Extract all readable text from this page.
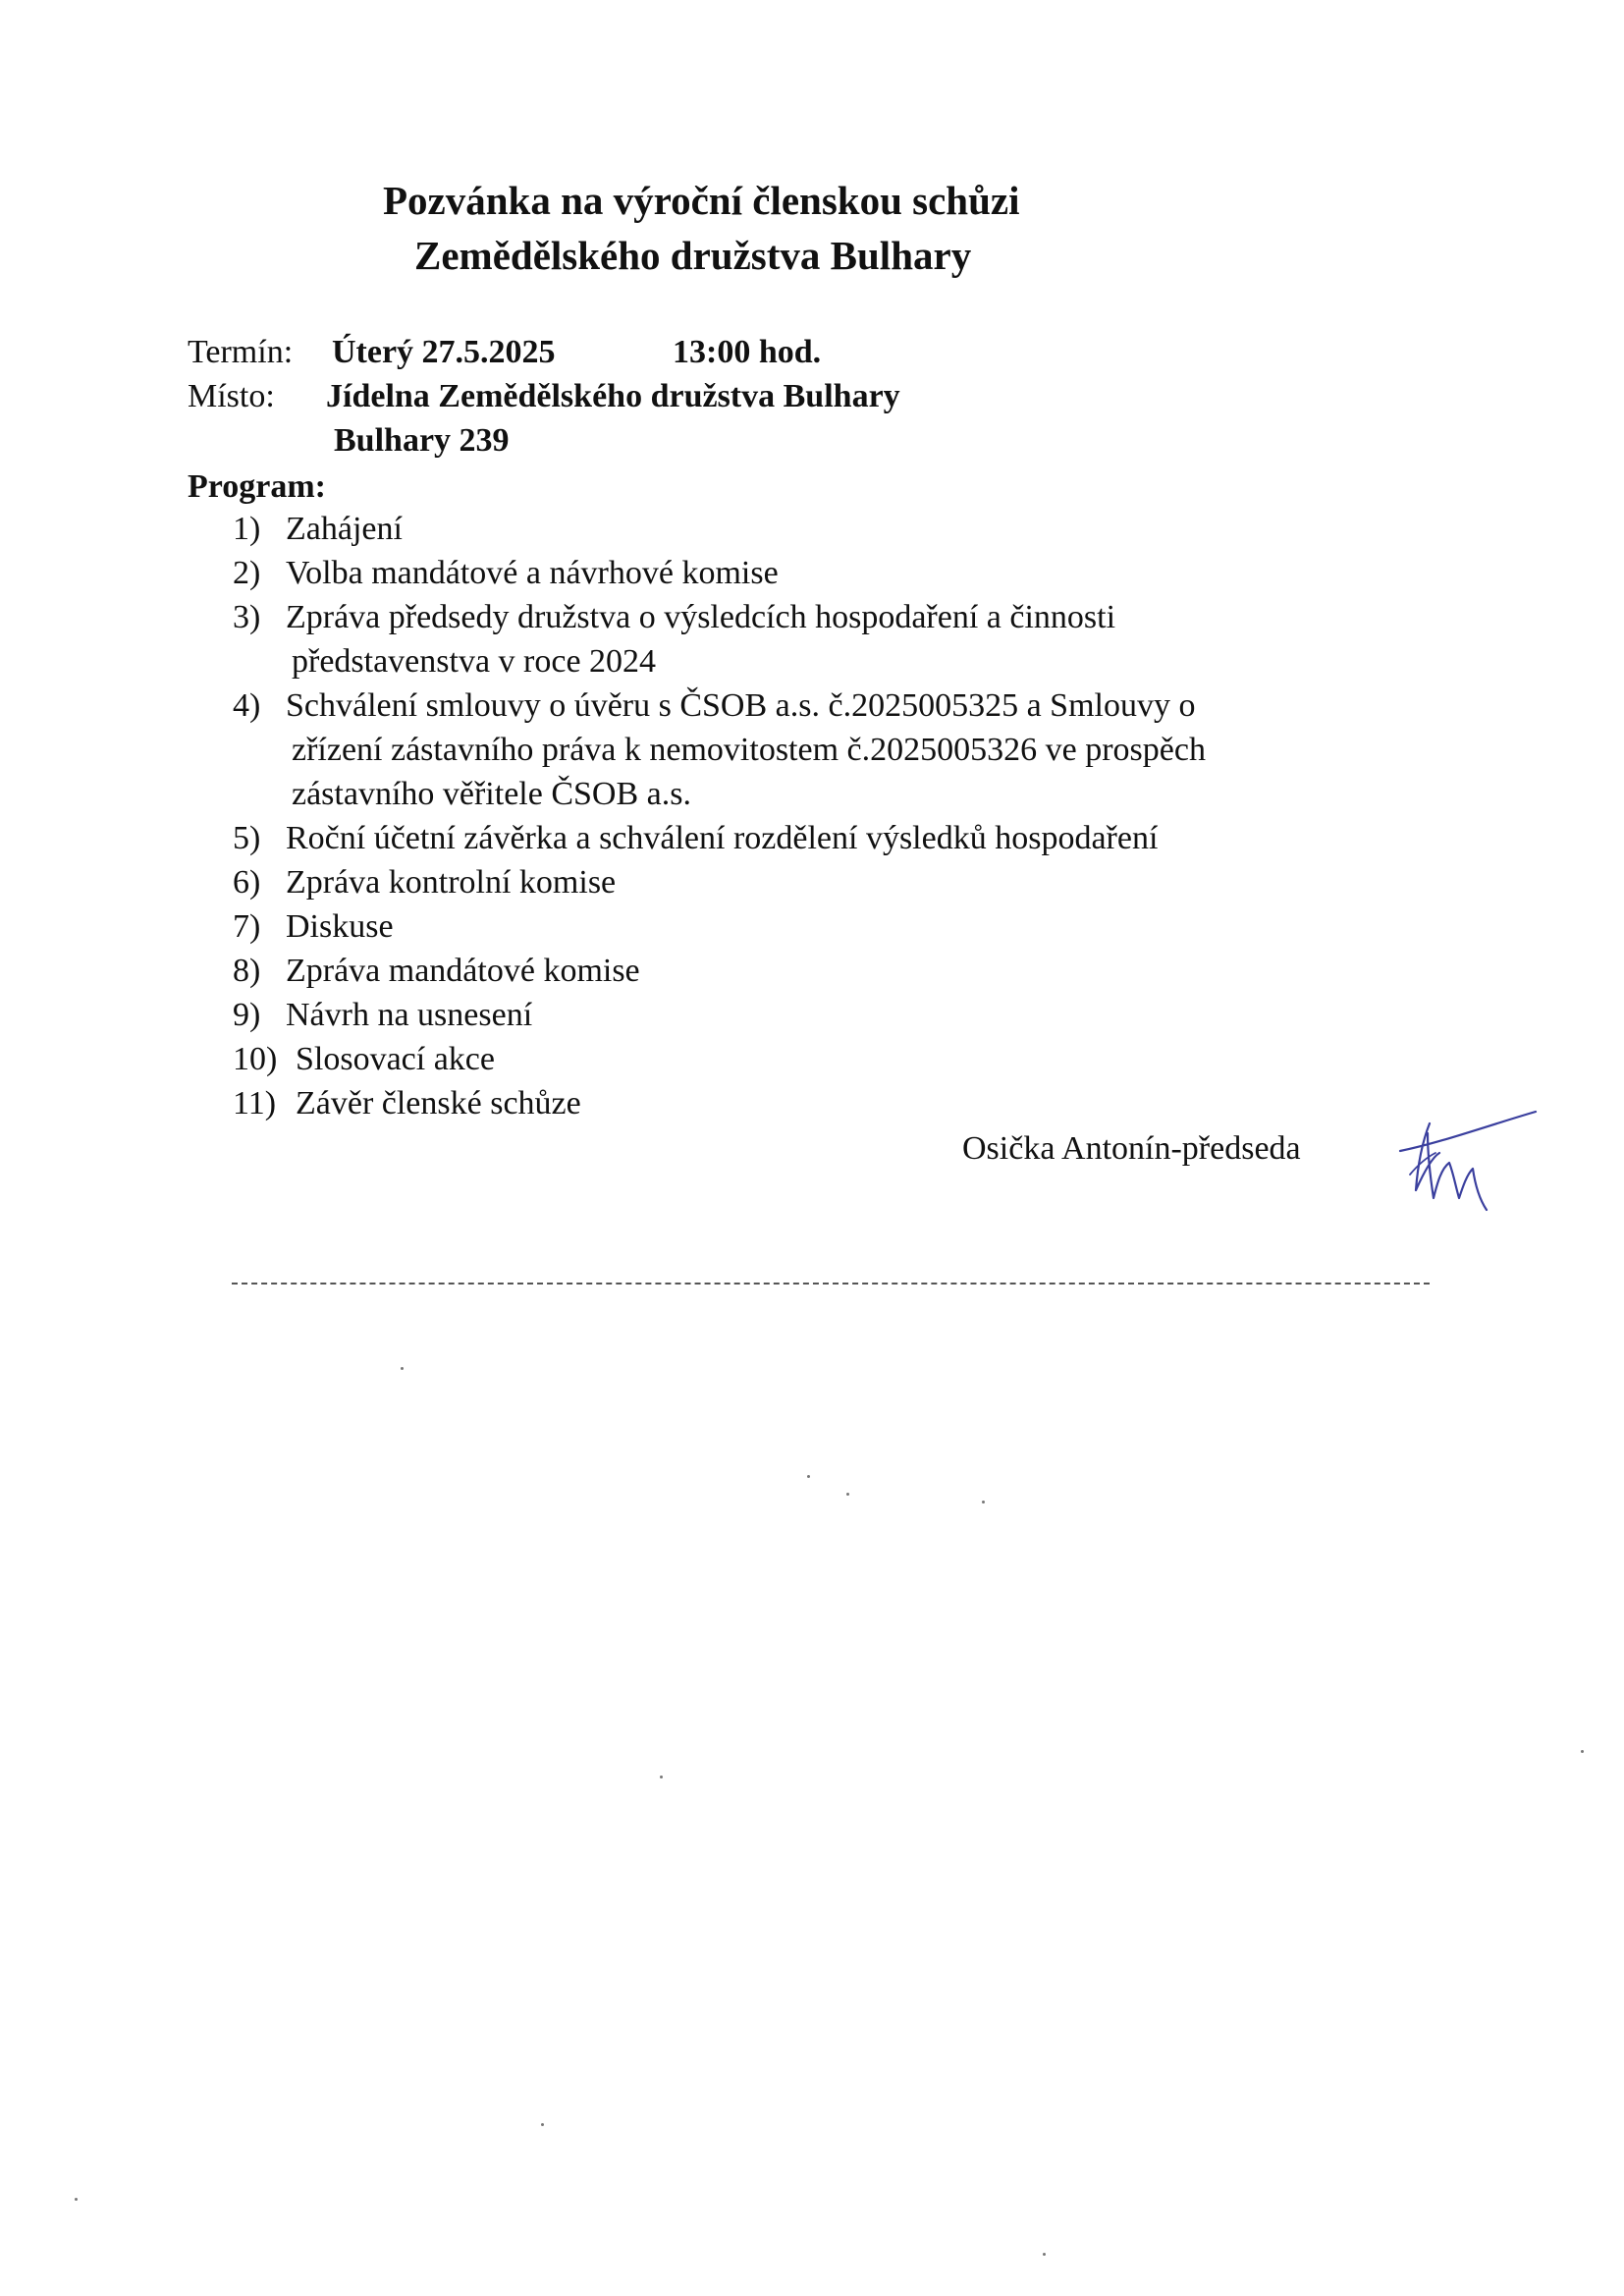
Pozvánka na výroční členskou schůzi
Zemědělského družstva Bulhary
Termín: Úterý 27.5.2025	13:00 hod.
Místo: Jídelna Zemědělského družstva Bulhary
Bulhary 239
Program:
1) Zahájení
2) Volba mandátové a návrhové komise
3) Zpráva předsedy družstva o výsledcích hospodaření a činnosti
představenstva v roce 2024
4) Schválení smlouvy o úvěru s ČSOB a.s. č.2025005325 a Smlouvy o
zřízení zástavního práva k nemovitostem č.2025005326 ve prospěch
zástavního věřitele ČSOB a.s.
5) Roční účetní závěrka a schválení rozdělení výsledků hospodaření
6) Zpráva kontrolní komise
7) Diskuse
8) Zpráva mandátové komise
9) Návrh na usnesení
10) Slosovací akce
11) Závěr členské schůze
Osička Antonín-předseda
